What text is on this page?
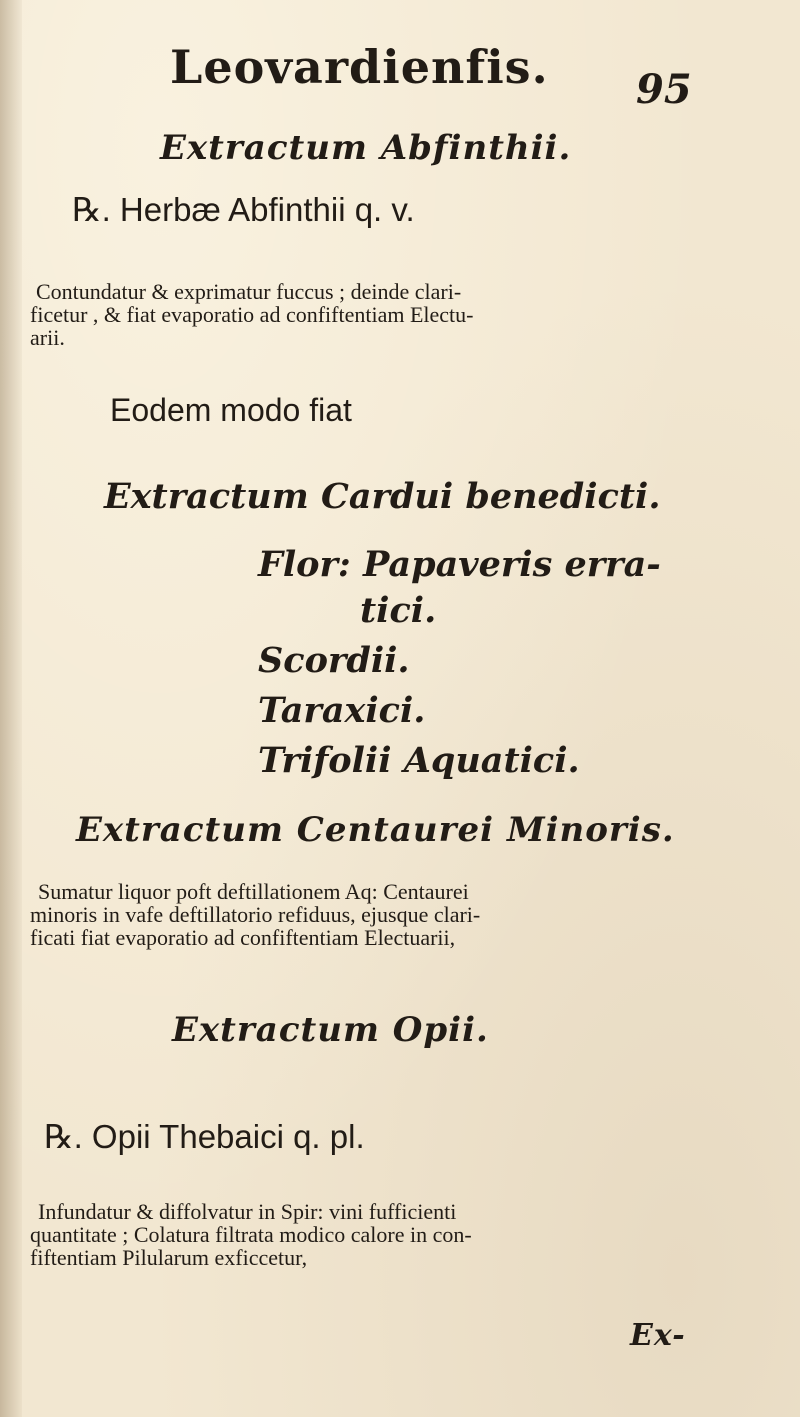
Leovardienfis. 95
Extractum Abfinthii.
℞. Herbæ Abfinthii q. v.
Contundatur & exprimatur fuccus ; deinde clari-
ficetur , & fiat evaporatio ad confiftentiam Electu-
arii.
Eodem modo fiat
Extractum Cardui benedicti.
Flor: Papaveris erra-
tici.
Scordii.
Taraxici.
Trifolii Aquatici.
Extractum Centaurei Minoris.
Sumatur liquor poft deftillationem Aq: Centaurei
minoris in vafe deftillatorio refiduus, ejusque clari-
ficati fiat evaporatio ad confiftentiam Electuarii,
Extractum Opii.
℞. Opii Thebaici q. pl.
Infundatur & diffolvatur in Spir: vini fufficienti
quantitate ; Colatura filtrata modico calore in con-
fiftentiam Pilularum exficcetur,
Ex-
